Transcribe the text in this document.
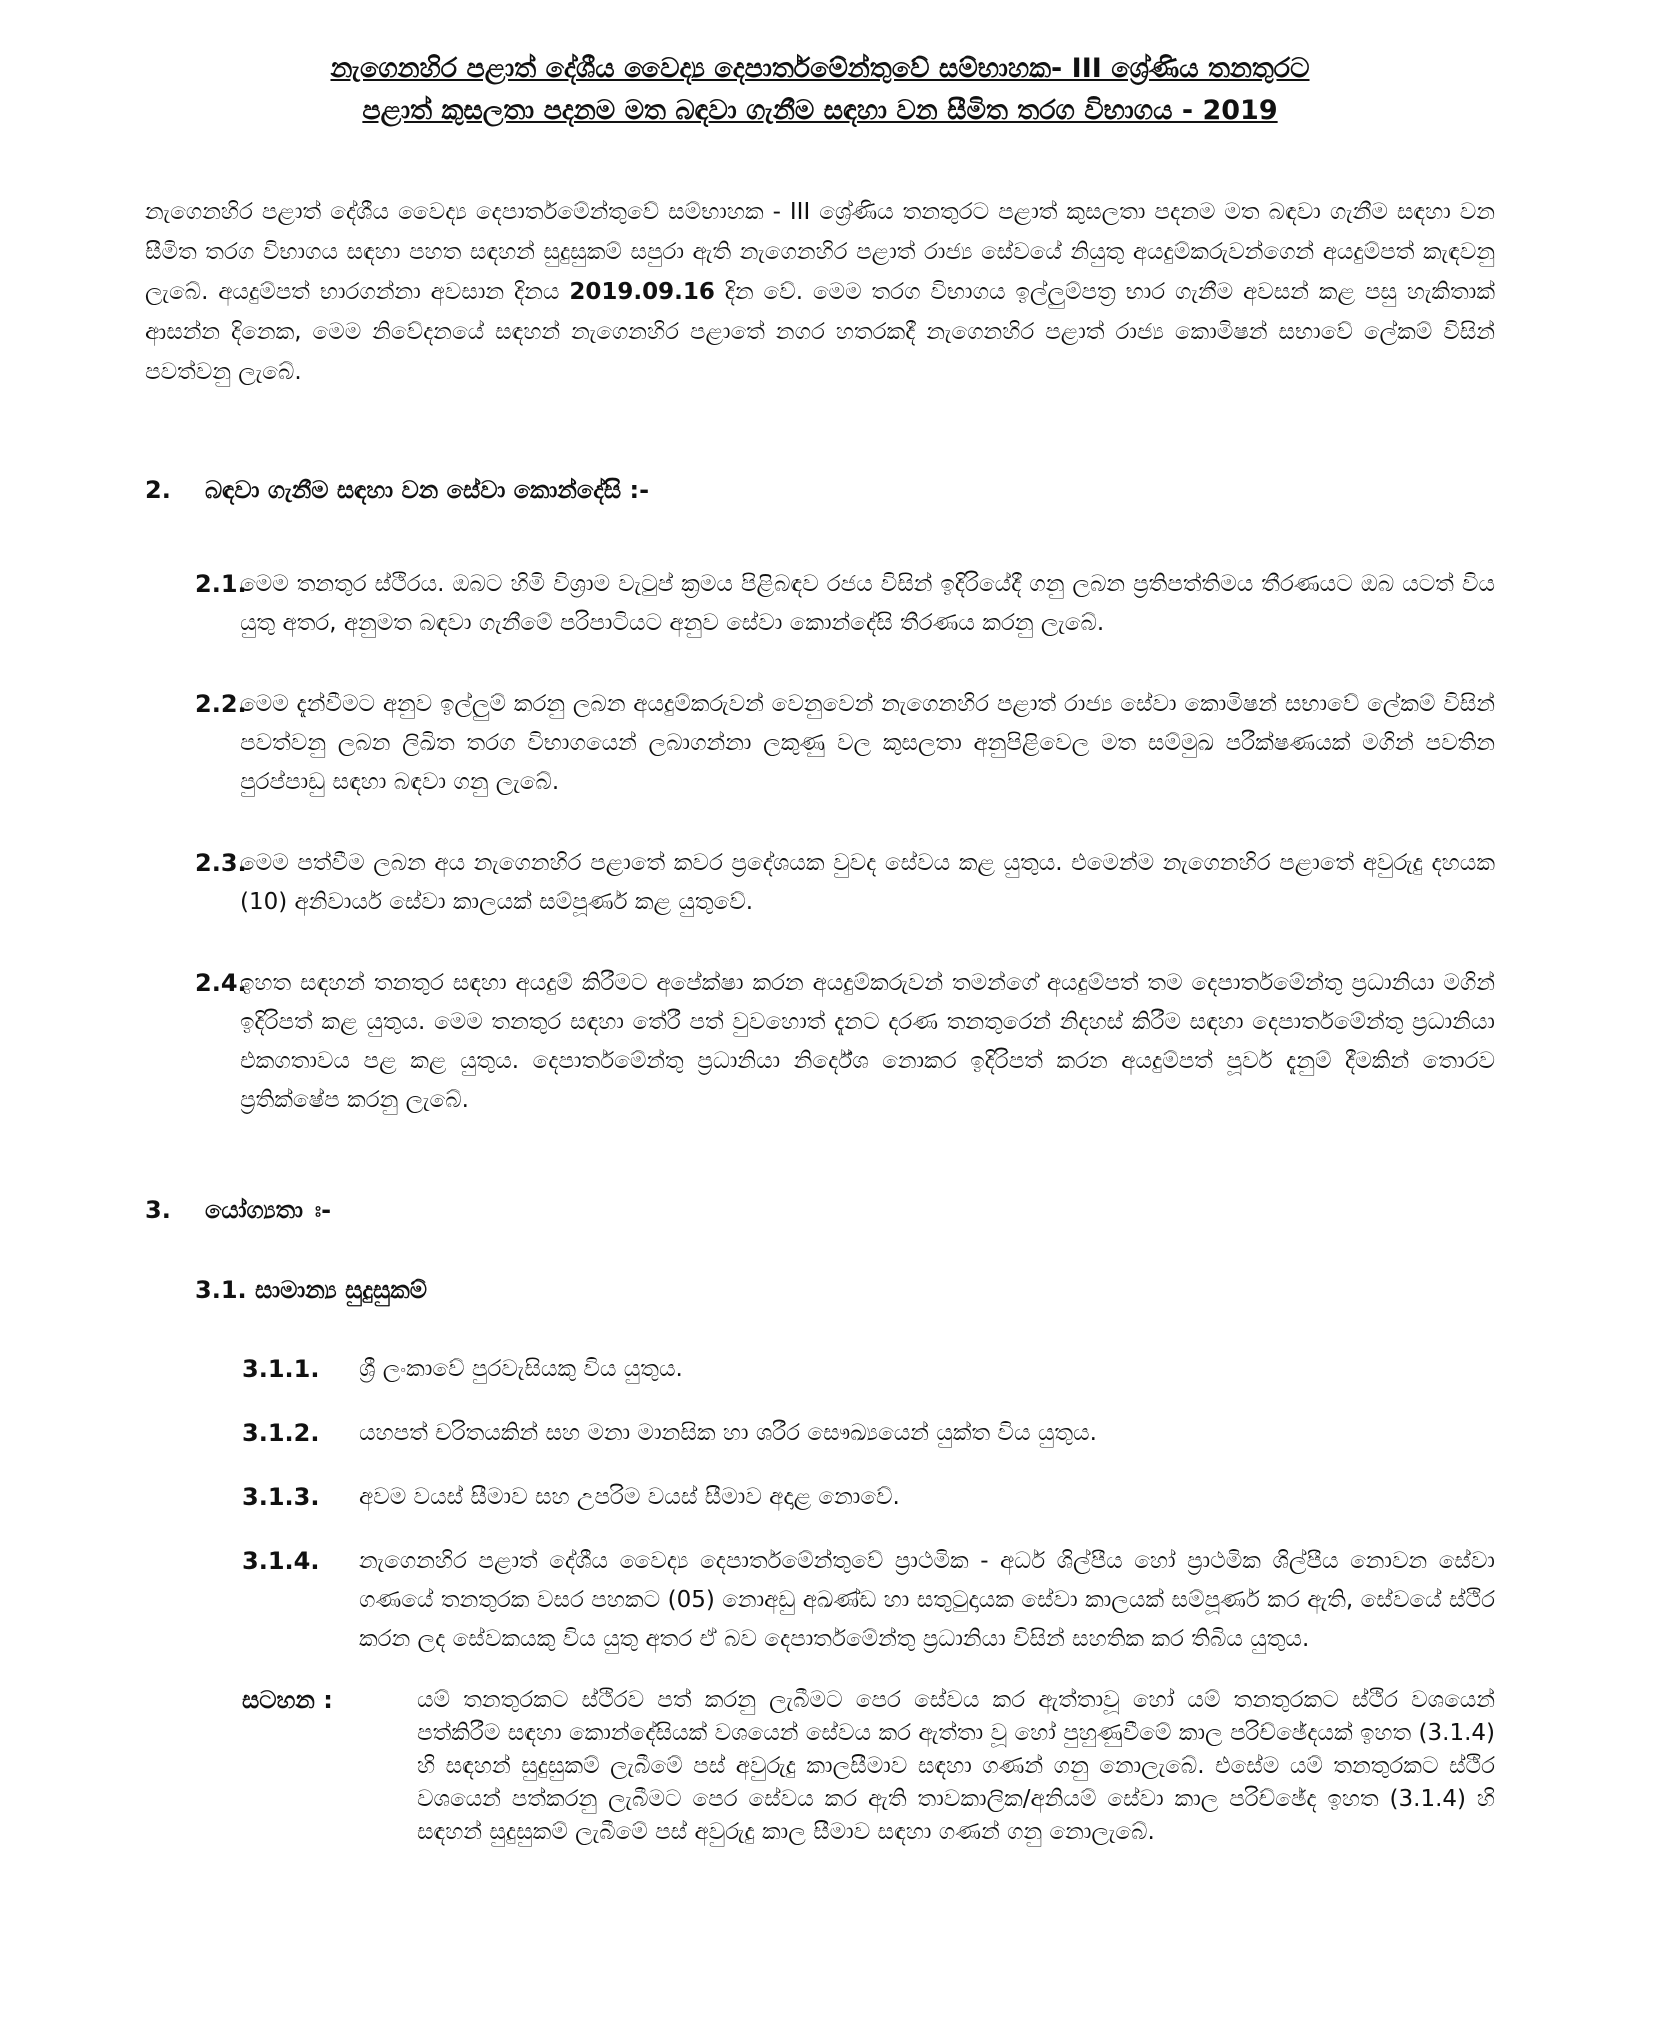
නැගෙනහිර පළාත් දේශීය වෛද්‍ය දෙපාර්තමේන්තුවේ සම්භාහක- III ශ්‍රේණිය තනතුරට
පළාත් කුසලතා පදනම මත බඳවා ගැනීම සඳහා වන සීමිත තරග විභාගය - 2019

නැගෙනහිර පළාත් දේශීය වෛද්‍ය දෙපාර්තමේන්තුවේ සම්භාහක - III ශ්‍රේණිය තනතුරට පළාත් කුසලතා පදනම මත බඳවා ගැනීම සඳහා වන සීමිත තරග විභාගය සඳහා පහත සඳහන් සුදුසුකම් සපුරා ඇති නැගෙනහිර පළාත් රාජ්‍ය සේවයේ නියුතු අයදුම්කරුවන්ගෙන් අයදුම්පත් කැඳවනු ලැබේ. අයදුම්පත් භාරගන්නා අවසාන දිනය 2019.09.16 දින වේ. මෙම තරග විභාගය ඉල්ලුම්පත්‍ර භාර ගැනීම අවසන් කළ පසු හැකිතාක් ආසන්න දිනෙක, මෙම නිවේදනයේ සඳහන් නැගෙනහිර පළාතේ නගර හතරකදී නැගෙනහිර පළාත් රාජ්‍ය කොමිෂන් සභාවේ ලේකම් විසින් පවත්වනු ලැබේ.

2.	බඳවා ගැනීම සඳහා වන සේවා කොන්දේසි :-
2.1.
මෙම තනතුර ස්ථිරය. ඔබට හිමි විශ්‍රාම වැටුප් ක්‍රමය පිළිබඳව රජය විසින් ඉදිරියේදී ගනු ලබන ප්‍රතිපත්තිමය තීරණයට ඔබ යටත් විය යුතු අතර, අනුමත බඳවා ගැනීමේ පරිපාටියට අනුව සේවා කොන්දේසි තීරණය කරනු ලැබේ.
2.2.
මෙම දැන්වීමට අනුව ඉල්ලුම් කරනු ලබන අයදුම්කරුවන් වෙනුවෙන් නැගෙනහිර පළාත් රාජ්‍ය සේවා කොමිෂන් සභාවේ ලේකම් විසින් පවත්වනු ලබන ලිඛිත තරග විභාගයෙන් ලබාගන්නා ලකුණු වල කුසලතා අනුපිළිවෙල මත සම්මුඛ පරීක්ෂණයක් මගින් පවතින පුරප්පාඩු සඳහා බඳවා ගනු ලැබේ.
2.3.
මෙම පත්වීම ලබන අය නැගෙනහිර පළාතේ කවර ප්‍රදේශයක වුවද සේවය කළ යුතුය. එමෙන්ම නැගෙනහිර පළාතේ අවුරුදු දහයක (10) අනිවාර්ය සේවා කාලයක් සම්පූර්ණ කළ යුතුවේ.
2.4.
ඉහත සඳහන් තනතුර සඳහා අයදුම් කිරීමට අපේක්ෂා කරන අයදුම්කරුවන් තමන්ගේ අයදුම්පත් තම දෙපාර්තමේන්තු ප්‍රධානියා මගින් ඉදිරිපත් කළ යුතුය. මෙම තනතුර සඳහා තේරී පත් වුවහොත් දැනට දරණ තනතුරෙන් නිදහස් කිරීම සඳහා දෙපාර්තමේන්තු ප්‍රධානියා එකගතාවය පළ කළ යුතුය. දෙපාර්තමේන්තු ප්‍රධානියා නිර්දේශ නොකර ඉදිරිපත් කරන අයදුම්පත් පූර්ව දැනුම් දීමකින් තොරව ප්‍රතික්ෂේප කරනු ලැබේ.
3.	යෝග්‍යතා ඃ-
3.1. සාමාන්‍ය සුදුසුකම්
3.1.1.	ශ්‍රී ලංකාවේ පුරවැසියකු විය යුතුය.
3.1.2.	යහපත් චරිතයකින් සහ මනා මානසික හා ශරීර සෞඛ්‍යයෙන් යුක්ත විය යුතුය.
3.1.3.	අවම වයස් සීමාව සහ උපරිම වයස් සීමාව අදාළ නොවේ.
3.1.4.	නැගෙනහිර පළාත් දේශීය වෛද්‍ය දෙපාර්තමේන්තුවේ ප්‍රාථමික - අර්ධ ශිල්පීය හෝ ප්‍රාථමික ශිල්පීය නොවන සේවා ගණයේ තනතුරක වසර පහකට (05) නොඅඩු අඛණ්ඩ හා සතුටුදායක සේවා කාලයක් සම්පූර්ණ කර ඇති, සේවයේ ස්ථිර කරන ලද සේවකයකු විය යුතු අතර ඒ බව දෙපාර්තමේන්තු ප්‍රධානියා විසින් සහතික කර තිබිය යුතුය.
සටහන :	යම් තනතුරකට ස්ථිරව පත් කරනු ලැබීමට පෙර සේවය කර ඇත්තාවූ හෝ යම් තනතුරකට ස්ථිර වශයෙන් පත්කිරීම සඳහා කොන්දේසියක් වශයෙන් සේවය කර ඇත්තා වූ හෝ පුහුණුවීමේ කාල පරිච්ඡේදයක් ඉහත (3.1.4) හි සඳහන් සුදුසුකම් ලැබීමේ පස් අවුරුදු කාලසීමාව සඳහා ගණන් ගනු නොලැබේ. එසේම යම් තනතුරකට ස්ථිර වශයෙන් පත්කරනු ලැබීමට පෙර සේවය කර ඇති තාවකාලික/අනියම් සේවා කාල පරිච්ඡේද ඉහත (3.1.4) හි සඳහන් සුදුසුකම් ලැබීමේ පස් අවුරුදු කාල සීමාව සඳහා ගණන් ගනු නොලැබේ.
